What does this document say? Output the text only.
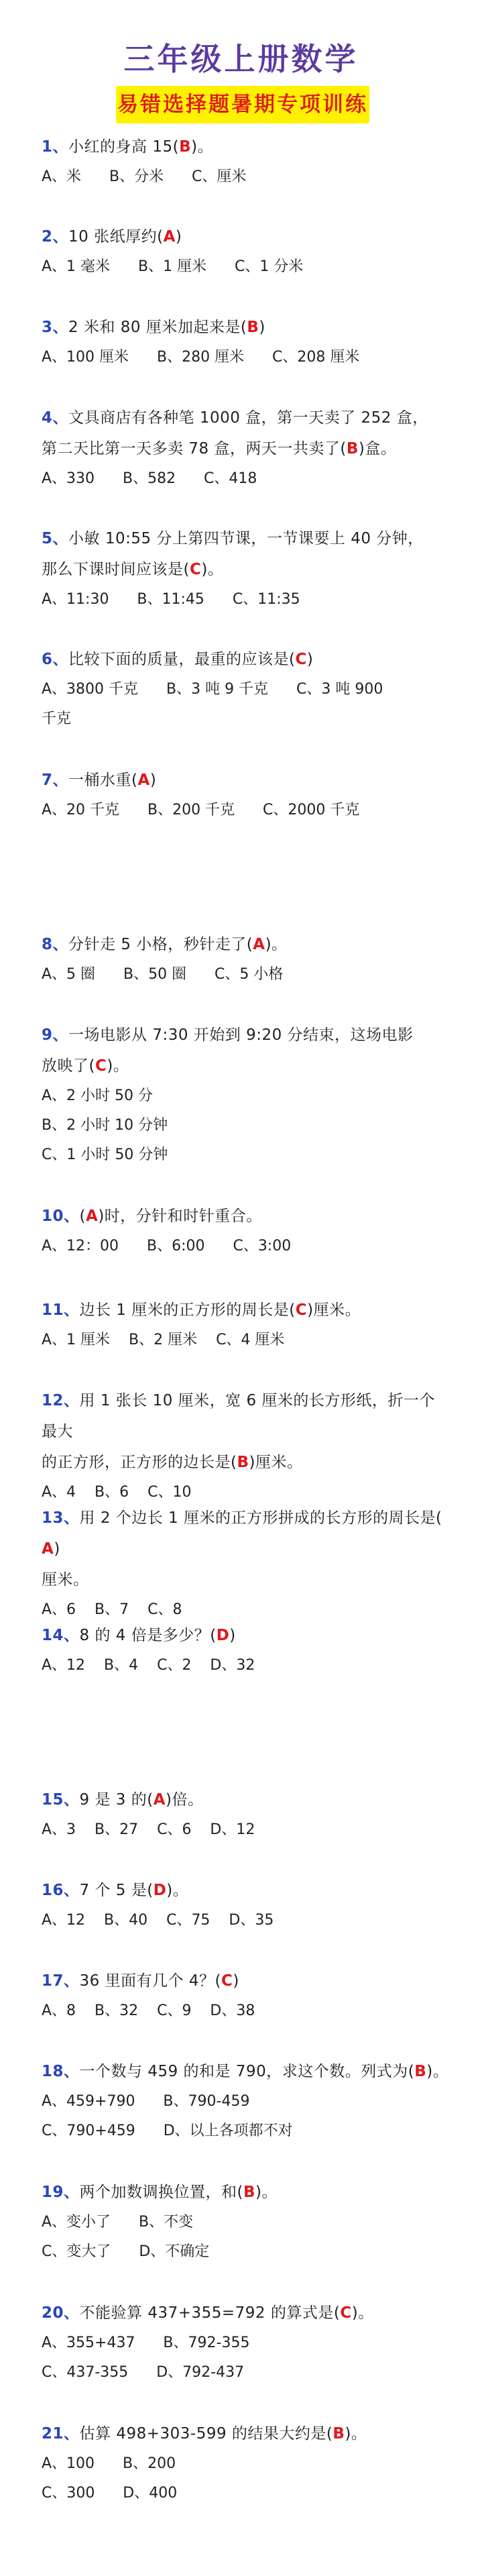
三年级上册数学
易错选择题暑期专项训练
1、小红的身高 15(B)。
A、米      B、分米      C、厘米
2、10 张纸厚约(A)
A、1 毫米      B、1 厘米      C、1 分米
3、2 米和 80 厘米加起来是(B)
A、100 厘米      B、280 厘米      C、208 厘米
4、文具商店有各种笔 1000 盒，第一天卖了 252 盒，
第二天比第一天多卖 78 盒，两天一共卖了(B)盒。
A、330      B、582      C、418
5、小敏 10:55 分上第四节课，一节课要上 40 分钟，
那么下课时间应该是(C)。
A、11:30      B、11:45      C、11:35
6、比较下面的质量，最重的应该是(C)
A、3800 千克      B、3 吨 9 千克      C、3 吨 900
千克
7、一桶水重(A)
A、20 千克      B、200 千克      C、2000 千克
8、分针走 5 小格，秒针走了(A)。
A、5 圈      B、50 圈      C、5 小格
9、一场电影从 7:30 开始到 9:20 分结束，这场电影
放映了(C)。
A、2 小时 50 分
B、2 小时 10 分钟
C、1 小时 50 分钟
10、(A)时，分针和时针重合。
A、12：00      B、6:00      C、3:00
11、边长 1 厘米的正方形的周长是(C)厘米。
A、1 厘米    B、2 厘米    C、4 厘米
12、用 1 张长 10 厘米，宽 6 厘米的长方形纸，折一个最大
的正方形，正方形的边长是(B)厘米。
A、4    B、6    C、10
13、用 2 个边长 1 厘米的正方形拼成的长方形的周长是(A)
厘米。
A、6    B、7    C、8
14、8 的 4 倍是多少？(D)
A、12    B、4    C、2    D、32
15、9 是 3 的(A)倍。
A、3    B、27    C、6    D、12
16、7 个 5 是(D)。
A、12    B、40    C、75    D、35
17、36 里面有几个 4？(C)
A、8    B、32    C、9    D、38
18、一个数与 459 的和是 790，求这个数。列式为(B)。
A、459+790      B、790-459
C、790+459      D、以上各项都不对
19、两个加数调换位置，和(B)。
A、变小了      B、不变
C、变大了      D、不确定
20、不能验算 437+355=792 的算式是(C)。
A、355+437      B、792-355
C、437-355      D、792-437
21、估算 498+303-599 的结果大约是(B)。
A、100      B、200
C、300      D、400
